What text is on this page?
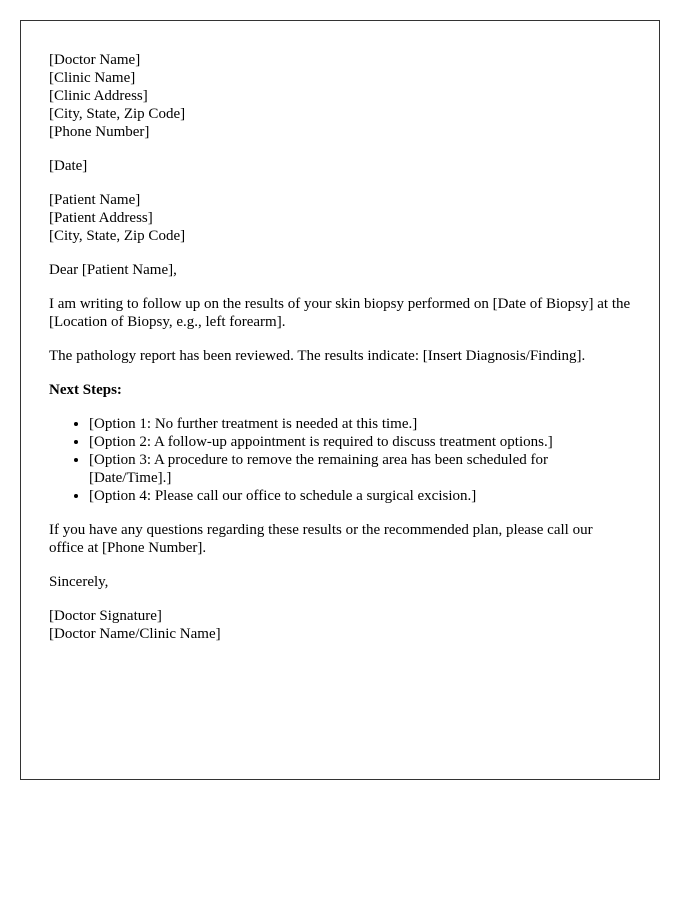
[Doctor Name]
[Clinic Name]
[Clinic Address]
[City, State, Zip Code]
[Phone Number]
[Date]
[Patient Name]
[Patient Address]
[City, State, Zip Code]

Dear [Patient Name],

I am writing to follow up on the results of your skin biopsy performed on [Date of Biopsy] at the [Location of Biopsy, e.g., left forearm].

The pathology report has been reviewed. The results indicate: [Insert Diagnosis/Finding].

Next Steps:
• [Option 1: No further treatment is needed at this time.]
• [Option 2: A follow-up appointment is required to discuss treatment options.]
• [Option 3: A procedure to remove the remaining area has been scheduled for [Date/Time].]
• [Option 4: Please call our office to schedule a surgical excision.]

If you have any questions regarding these results or the recommended plan, please call our office at [Phone Number].

Sincerely,

[Doctor Signature]
[Doctor Name/Clinic Name]
